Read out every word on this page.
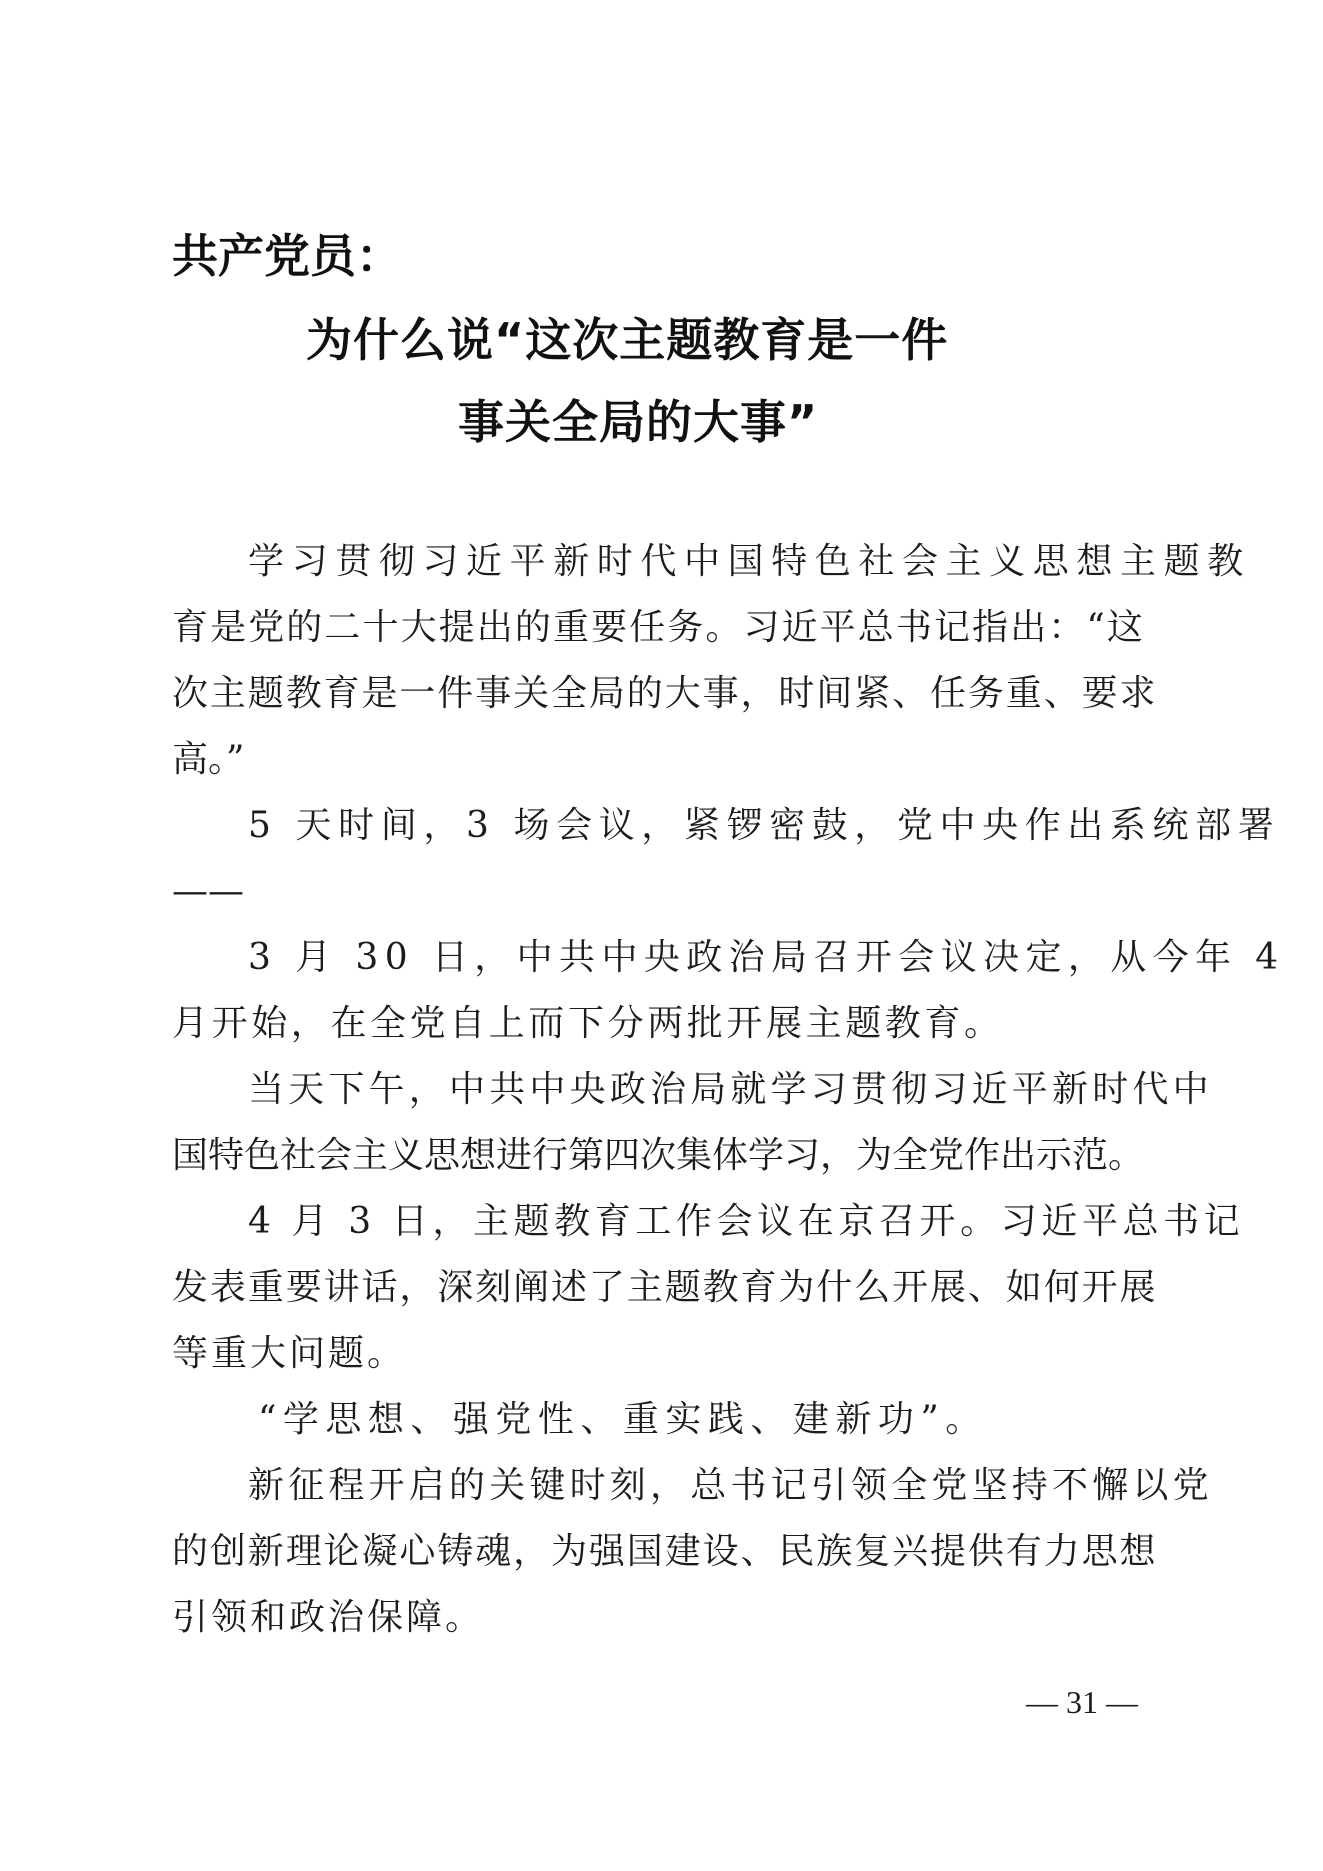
共产党员：
为什么说“这次主题教育是一件
事关全局的大事”
学习贯彻习近平新时代中国特色社会主义思想主题教
育是党的二十大提出的重要任务。习近平总书记指出：“这
次主题教育是一件事关全局的大事，时间紧、任务重、要求
高。”
5 天时间，3 场会议，紧锣密鼓，党中央作出系统部署
——
3 月 30 日，中共中央政治局召开会议决定，从今年 4
月开始，在全党自上而下分两批开展主题教育。
当天下午，中共中央政治局就学习贯彻习近平新时代中
国特色社会主义思想进行第四次集体学习，为全党作出示范。
4 月 3 日，主题教育工作会议在京召开。习近平总书记
发表重要讲话，深刻阐述了主题教育为什么开展、如何开展
等重大问题。
“学思想、强党性、重实践、建新功”。
新征程开启的关键时刻，总书记引领全党坚持不懈以党
的创新理论凝心铸魂，为强国建设、民族复兴提供有力思想
引领和政治保障。
— 31 —
